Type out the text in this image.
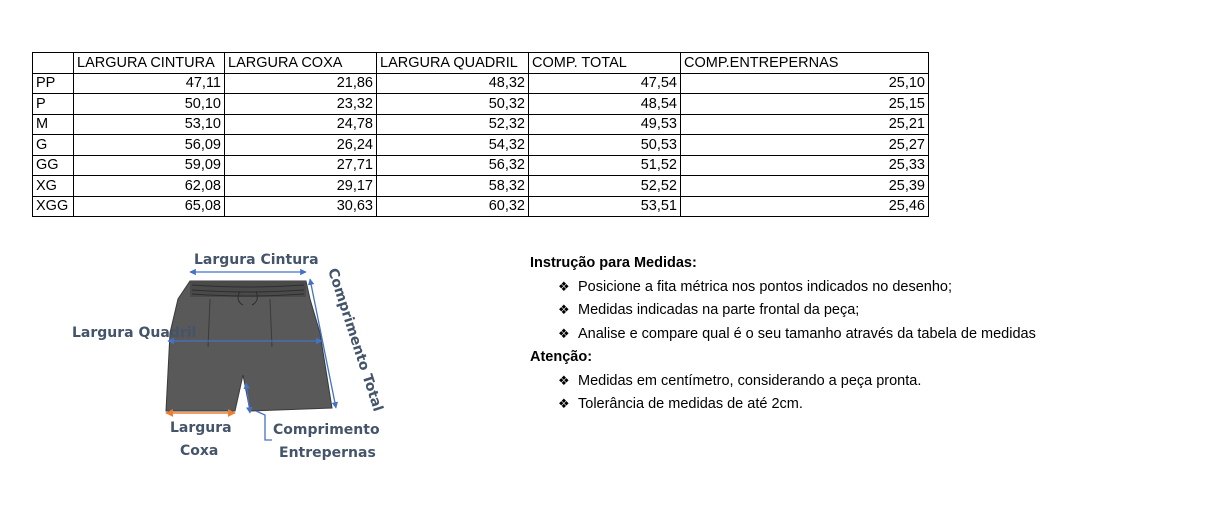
	LARGURA CINTURA	LARGURA COXA	LARGURA QUADRIL	COMP. TOTAL	COMP.ENTREPERNAS
PP	47,11	21,86	48,32	47,54	25,10
P	50,10	23,32	50,32	48,54	25,15
M	53,10	24,78	52,32	49,53	25,21
G	56,09	26,24	54,32	50,53	25,27
GG	59,09	27,71	56,32	51,52	25,33
XG	62,08	29,17	58,32	52,52	25,39
XGG	65,08	30,63	60,32	53,51	25,46
Largura Cintura
Largura Quadril	Comprimento Total
Largura
Coxa
Comprimento
Entrepernas
Instrução para Medidas:
❖ Posicione a fita métrica nos pontos indicados no desenho;
❖ Medidas indicadas na parte frontal da peça;
❖ Analise e compare qual é o seu tamanho através da tabela de medidas
Atenção:
❖ Medidas em centímetro, considerando a peça pronta.
❖ Tolerância de medidas de até 2cm.
